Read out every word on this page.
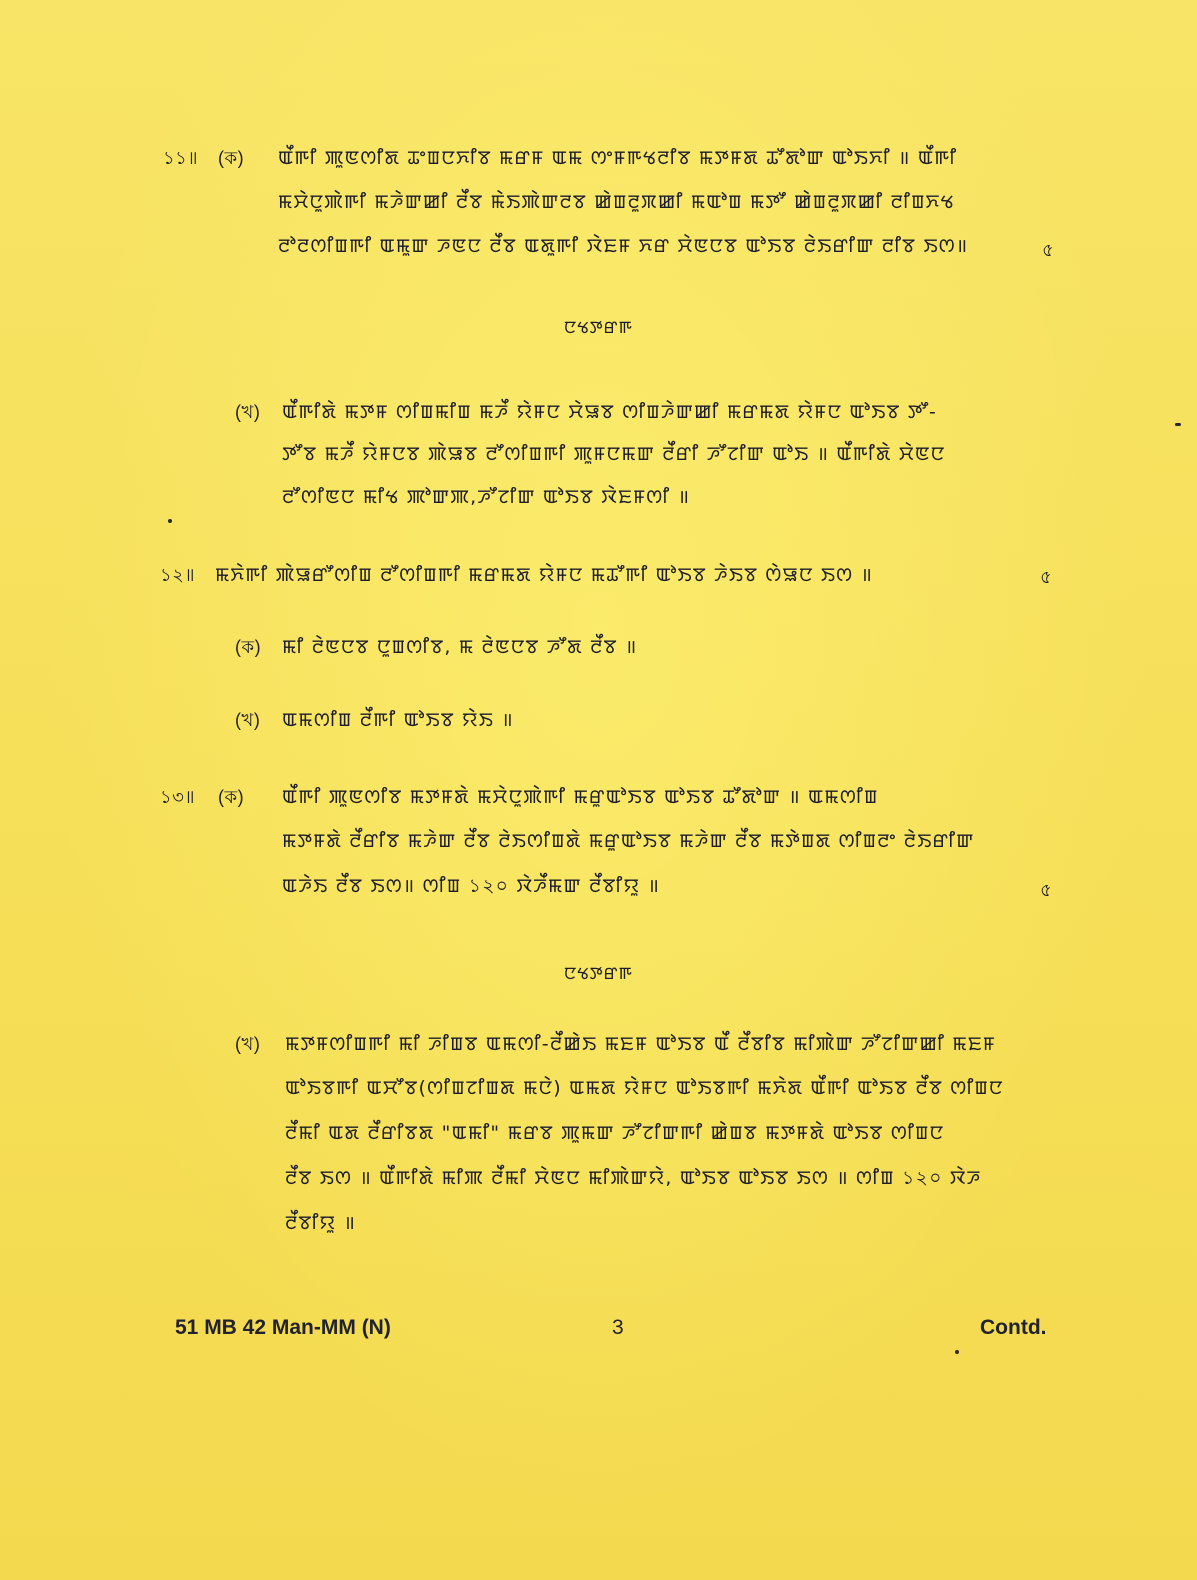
১১॥ (ক) ꯑꯩꯒꯤ ꯄꯨꯟꯁꯤꯗ ꯊꯦꯡꯅꯈꯤꯕ ꯃꯔꯝ ꯑꯃ ꯁꯦꯝꯒꯠꯂꯤꯕ ꯃꯇꯝꯗ ꯊꯧꯗꯣꯛ ꯑꯣꯏꯈꯤ ॥ ꯑꯩꯒꯤ
ꯃꯆꯥꯅꯨꯄꯥꯒꯤ ꯃꯍꯥꯛꯀꯤ ꯂꯩꯕ ꯃꯥꯏꯄꯥꯛꯂꯕ ꯀꯥꯡꯂꯨꯞꯀꯤ ꯃꯑꯣꯡ ꯃꯇꯧ ꯀꯥꯡꯂꯨꯞꯀꯤ ꯂꯤꯡꯈꯠ
ꯂꯣꯂꯁꯤꯡꯒꯤ ꯑꯃꯨꯛ ꯍꯟꯅ ꯂꯩꯕ ꯑꯗꯨꯒꯤ ꯋꯥꯐꯝ ꯈꯔ ꯆꯥꯟꯅꯕ ꯑꯣꯏꯕ ꯂꯥꯏꯔꯤꯛ ꯂꯤꯕ ꯏꯁ॥	৫
ꯅꯠꯇꯔꯒ
(খ) ꯑꯩꯒꯤꯗꯥ ꯃꯇꯝ ꯁꯤꯡꯃꯤꯡ ꯃꯍꯩ ꯌꯥꯝꯅ ꯆꯥꯎꯕ ꯁꯤꯡꯍꯥꯛꯀꯤ ꯃꯔꯃꯗ ꯌꯥꯝꯅ ꯑꯣꯏꯕ ꯇꯧ-
ꯇꯧꯕ ꯃꯍꯩ ꯌꯥꯝꯅꯕ ꯄꯥꯎꯕ ꯂꯧꯁꯤꯡꯒꯤ ꯄꯨꯝꯅꯃꯛ ꯂꯩꯔꯤ ꯍꯧꯖꯤꯛ ꯑꯣꯏ ॥ ꯑꯩꯒꯤꯗꯥ ꯆꯥꯟꯅ
ꯂꯧꯁꯤꯟꯅ ꯃꯤꯠ ꯄꯣꯛꯄ,ꯍꯧꯖꯤꯛ ꯑꯣꯏꯕ ꯋꯥꯐꯝꯁꯤ ॥
১২॥ ꯃꯈꯥꯒꯤ ꯄꯥꯎꯔꯧꯁꯤꯡ ꯂꯧꯁꯤꯡꯒꯤ ꯃꯔꯃꯗ ꯌꯥꯝꯅ ꯃꯊꯧꯒꯤ ꯑꯣꯏꯕ ꯍꯥꯏꯕ ꯁꯥꯎꯅ ꯏꯁ ॥	৫
(ক) ꯃꯤ ꯂꯥꯟꯅꯕ ꯅꯨꯡꯁꯤꯕ, ꯃ ꯂꯥꯟꯅꯕ ꯍꯧꯗ ꯂꯩꯕ ॥
(খ) ꯑꯃꯁꯤꯡ ꯂꯩꯒꯤ ꯑꯣꯏꯕ ꯌꯥꯏ ॥
১৩॥ (ক) ꯑꯩꯒꯤ ꯄꯨꯟꯁꯤꯕ ꯃꯇꯝꯗꯥ ꯃꯆꯥꯅꯨꯄꯥꯒꯤ ꯃꯔꯨꯑꯣꯏꯕ ꯑꯣꯏꯕ ꯊꯧꯗꯣꯛ ॥ ꯑꯃꯁꯤꯡ
ꯃꯇꯝꯗꯥ ꯂꯩꯔꯤꯕ ꯃꯍꯥꯛ ꯂꯩꯕ ꯂꯥꯏꯁꯤꯡꯗꯥ ꯃꯔꯨꯑꯣꯏꯕ ꯃꯍꯥꯛ ꯂꯩꯕ ꯃꯇꯥꯡꯗ ꯁꯤꯡꯂꯦ ꯂꯥꯏꯔꯤꯛ
ꯑꯍꯥꯏ ꯂꯩꯕ ꯏꯁ॥ ꯁꯤꯡ ১২০ ꯋꯥꯍꯩꯃꯛ ꯂꯩꯕꯤꯌꯨ ॥	৫
ꯅꯠꯇꯔꯒ
(খ) ꯃꯇꯝꯁꯤꯡꯒꯤ ꯃꯤ ꯍꯤꯡꯕ ꯑꯃꯁꯤ-ꯂꯩꯀꯥꯏ ꯃꯐꯝ ꯑꯣꯏꯕ ꯑꯩ ꯂꯩꯕꯤꯕ ꯃꯤꯄꯥꯛ ꯍꯧꯖꯤꯛꯀꯤ ꯃꯐꯝ
ꯑꯣꯏꯕꯒꯤ ꯑꯆꯧꯕ(ꯁꯤꯡꯖꯤꯡꯗ ꯃꯅꯥ) ꯑꯃꯗ ꯌꯥꯝꯅ ꯑꯣꯏꯕꯒꯤ ꯃꯈꯥꯗ ꯑꯩꯒꯤ ꯑꯣꯏꯕ ꯂꯩꯕ ꯁꯤꯡꯅ
ꯂꯩꯃꯤ ꯑꯗ ꯂꯩꯔꯤꯕꯗ "ꯑꯃꯤ" ꯃꯔꯕ ꯄꯨꯃꯛ ꯍꯧꯖꯤꯛꯒꯤ ꯀꯥꯡꯕ ꯃꯇꯝꯗꯥ ꯑꯣꯏꯕ ꯁꯤꯡꯅ
ꯂꯩꯕ ꯏꯁ ॥ ꯑꯩꯒꯤꯗꯥ ꯃꯤꯄ ꯂꯩꯃꯤ ꯆꯥꯟꯅ ꯃꯤꯄꯥꯛꯌꯥ, ꯑꯣꯏꯕ ꯑꯣꯏꯕ ꯏꯁ ॥ ꯁꯤꯡ ১২০ ꯋꯥꯍ
ꯂꯩꯕꯤꯌꯨ ॥
51 MB 42 Man-MM (N)	3	Contd.
